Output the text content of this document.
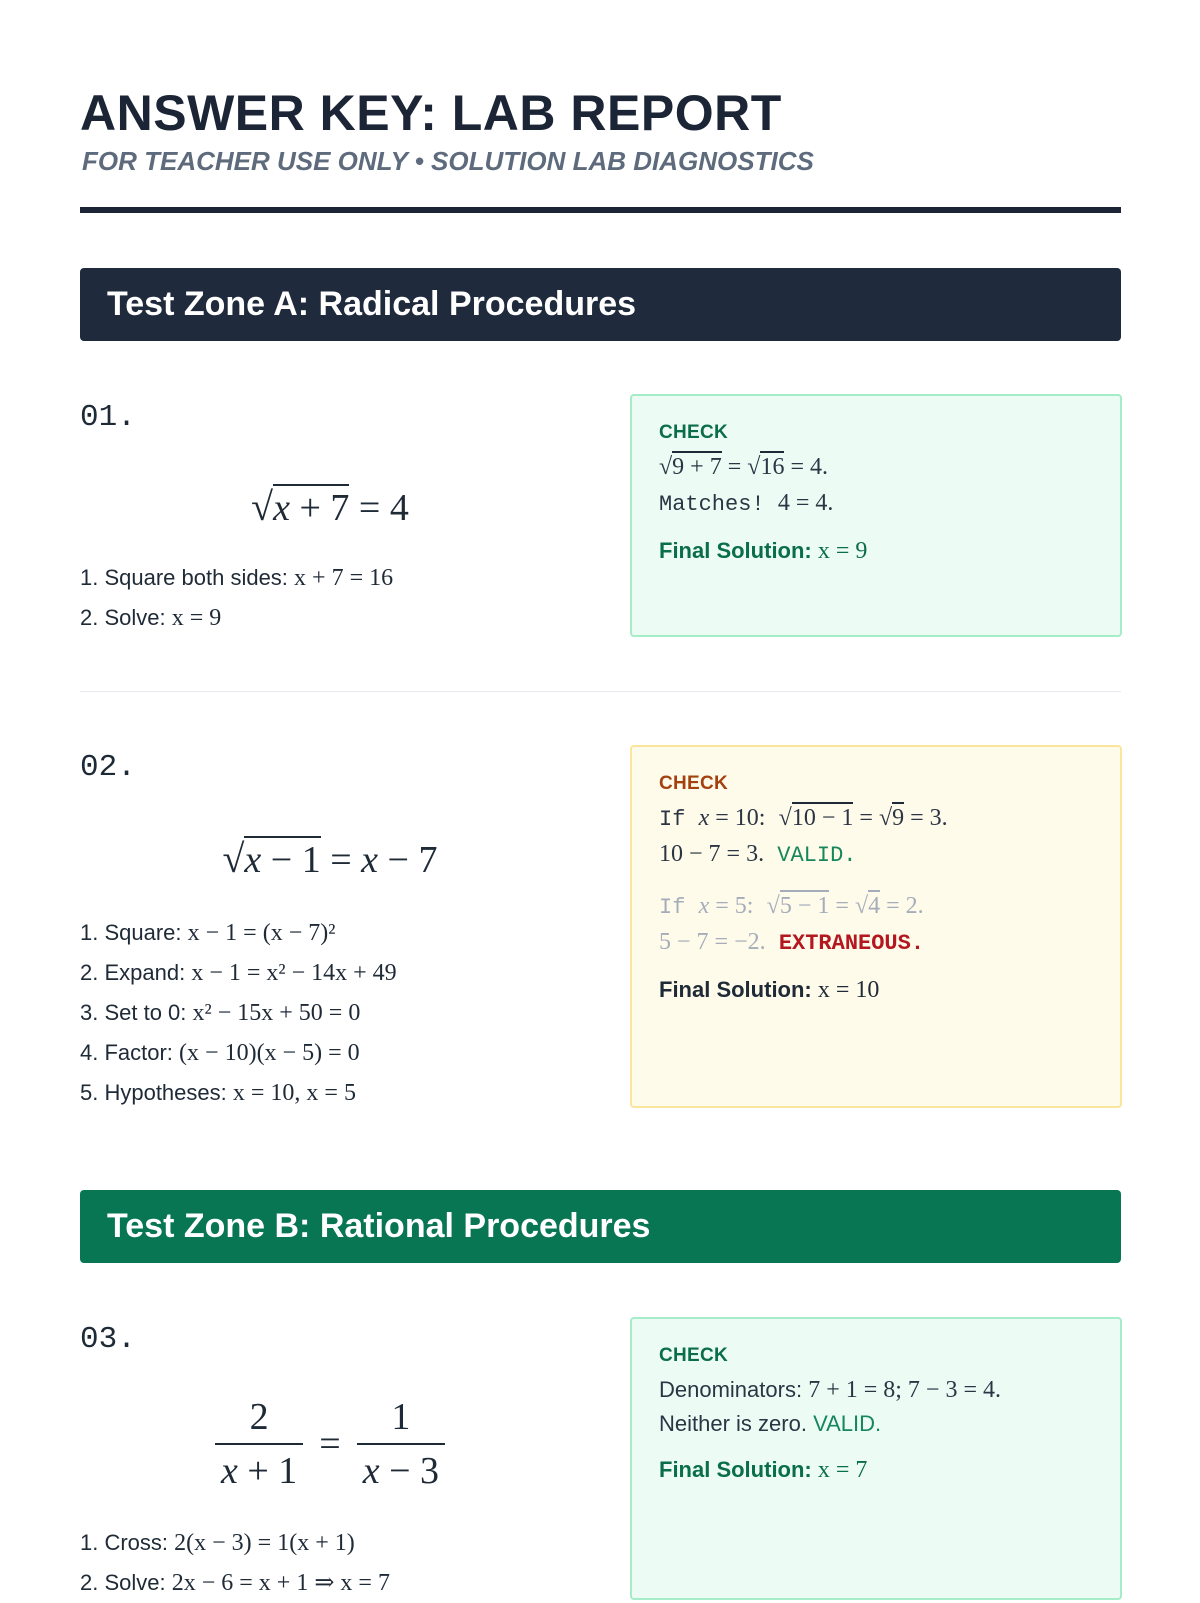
ANSWER KEY: LAB REPORT
FOR TEACHER USE ONLY • SOLUTION LAB DIAGNOSTICS
Test Zone A: Radical Procedures
01.
√x + 7 = 4
1. Square both sides: x + 7 = 16
2. Solve: x = 9
CHECK
√9 + 7 = √16 = 4.
Matches! 4 = 4.
Final Solution: x = 9
02.
√x − 1 = x − 7
1. Square: x − 1 = (x − 7)²
2. Expand: x − 1 = x² − 14x + 49
3. Set to 0: x² − 15x + 50 = 0
4. Factor: (x − 10)(x − 5) = 0
5. Hypotheses: x = 10, x = 5
CHECK
If x = 10: √10 − 1 = √9 = 3.
10 − 7 = 3. VALID.
If x = 5: √5 − 1 = √4 = 2.
5 − 7 = −2. EXTRANEOUS.
Final Solution: x = 10
Test Zone B: Rational Procedures
03.
$\frac{2}{x + 1} = \frac{1}{x - 3}$
1. Cross: 2(x − 3) = 1(x + 1)
2. Solve: 2x − 6 = x + 1 ⇒ x = 7
CHECK
Denominators: 7 + 1 = 8; 7 − 3 = 4.
Neither is zero. VALID.
Final Solution: x = 7
